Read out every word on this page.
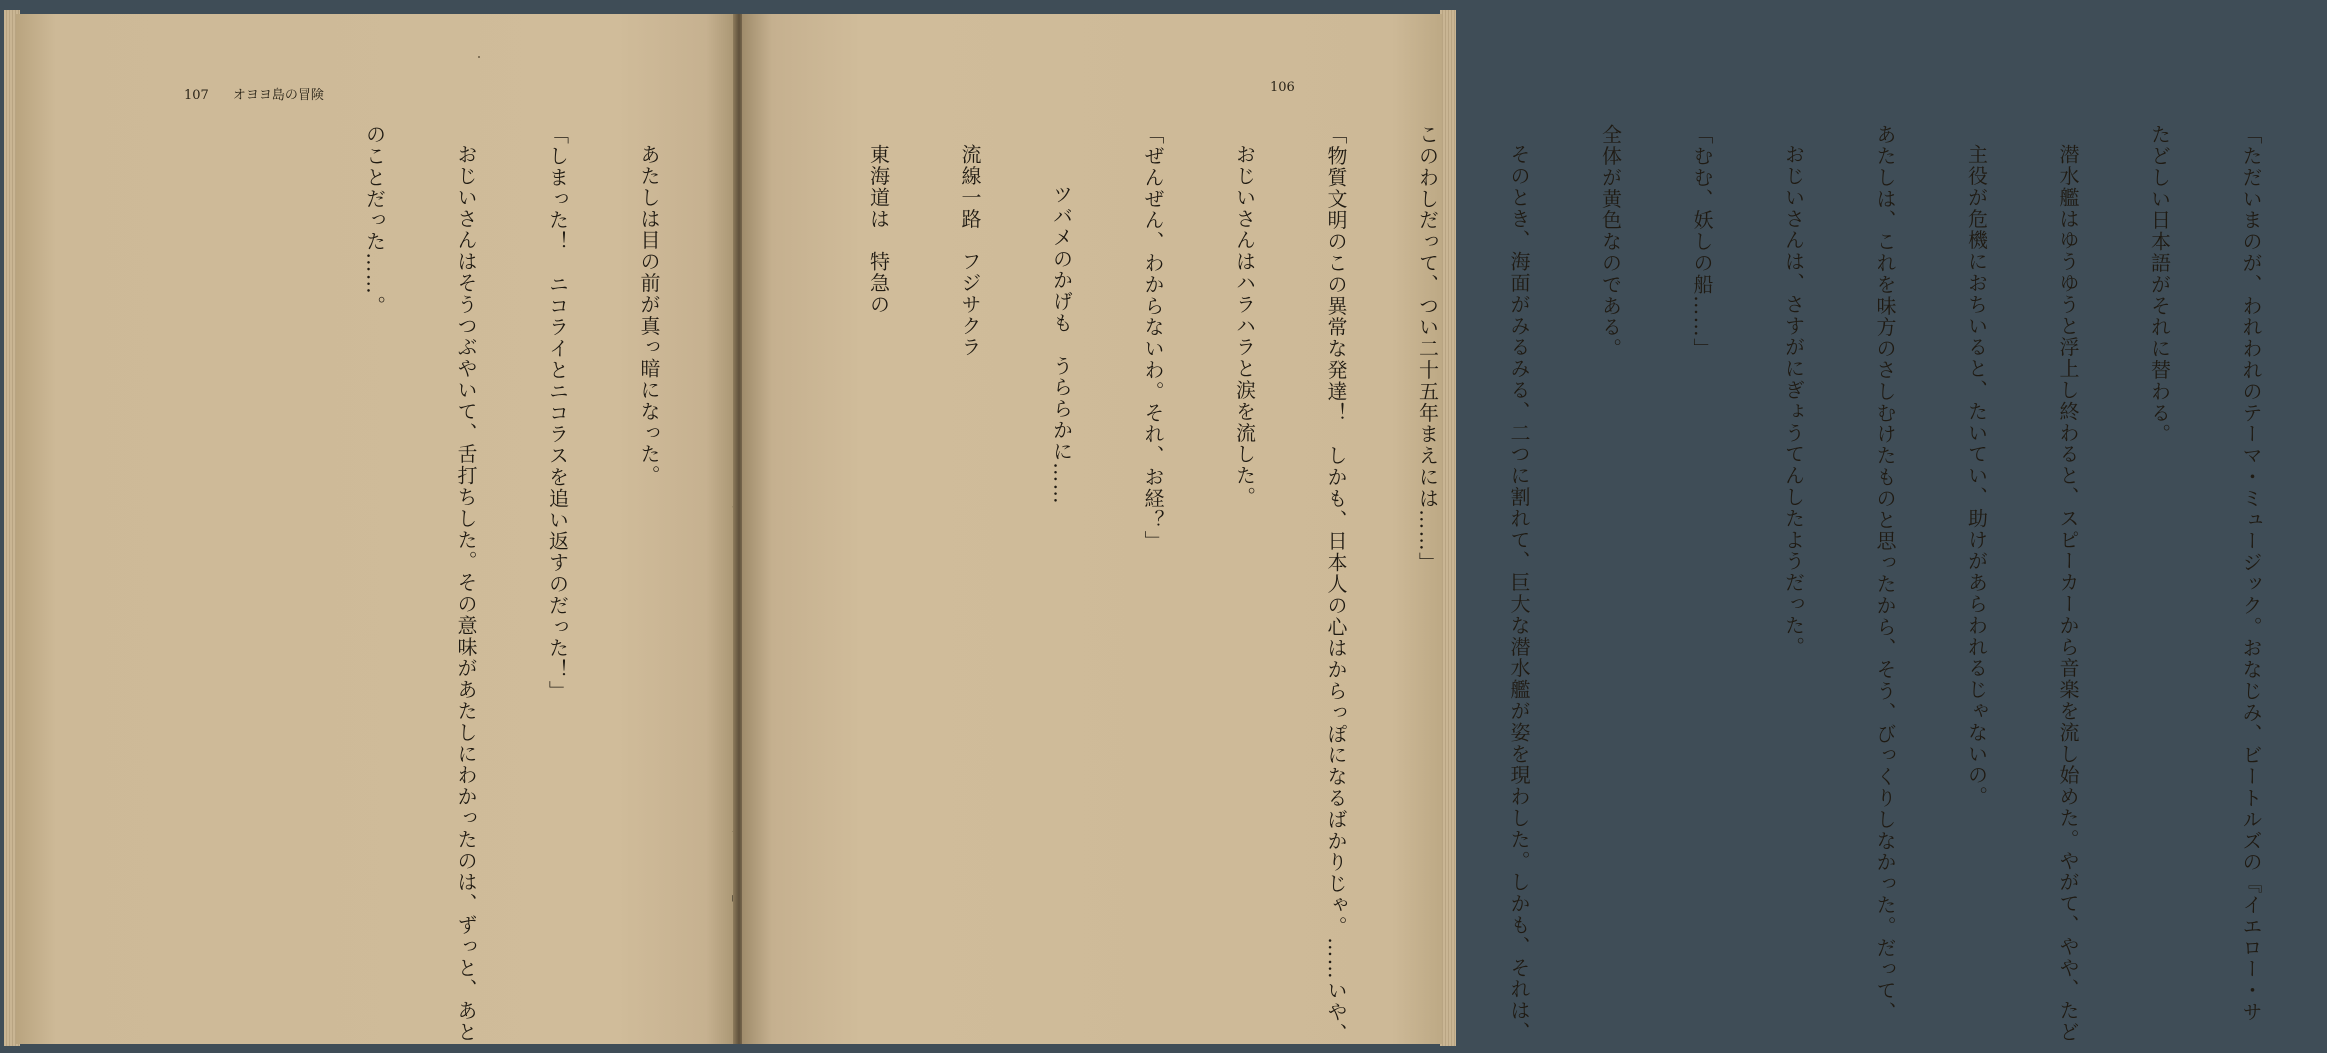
107 オヨヨ島の冒険

あたしは目の前が真っ暗になった。

「しまった！　ニコライとニコラスを追い返すのだった！」

おじいさんはそうつぶやいて、舌打ちした。その意味があたしにわかったのは、ずっと、あと

のことだった……。

106

「ただいまのが、われわれのテーマ・ミュージック。おなじみ、ビートルズの『イエロー・サ

たどしい日本語がそれに替わる。

潜水艦はゆうゆうと浮上し終わると、スピーカーから音楽を流し始めた。やがて、やや、たど

主役が危機におちいると、たいてい、助けがあらわれるじゃないの。

あたしは、これを味方のさしむけたものと思ったから、そう、びっくりしなかった。だって、

おじいさんは、さすがにぎょうてんしたようだった。

「むむ、妖しの船……」

全体が黄色なのである。

そのとき、海面がみるみる、二つに割れて、巨大な潜水艦が姿を現わした。しかも、それは、

このわしだって、つい二十五年まえには……」

「物質文明のこの異常な発達！　しかも、日本人の心はからっぽになるばかりじゃ。……いや、

おじいさんはハラハラと涙を流した。

「ぜんぜん、わからないわ。それ、お経？」

ツバメのかげも　うららかに……

流線一路　フジサクラ

東海道は　特急の
